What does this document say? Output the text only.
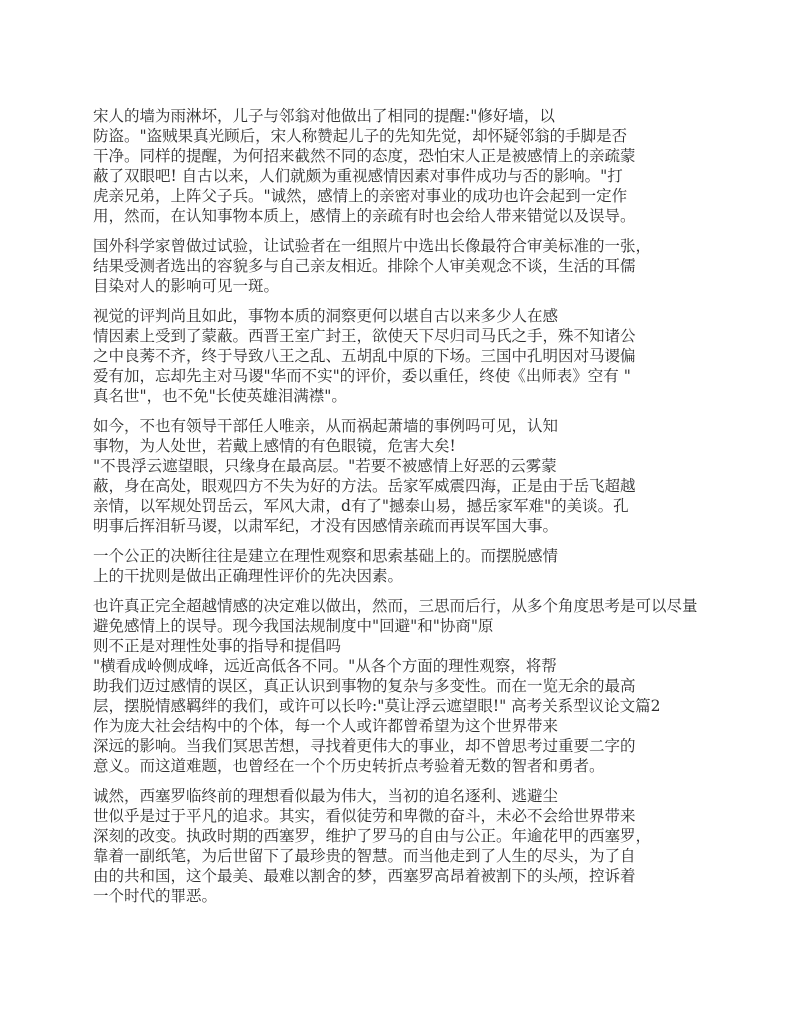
宋人的墙为雨淋坏，儿子与邻翁对他做出了相同的提醒:"修好墙，以
防盗。"盗贼果真光顾后，宋人称赞起儿子的先知先觉，却怀疑邻翁的手脚是否
干净。同样的提醒，为何招来截然不同的态度，恐怕宋人正是被感情上的亲疏蒙
蔽了双眼吧! 自古以来，人们就颇为重视感情因素对事件成功与否的影响。"打
虎亲兄弟，上阵父子兵。"诚然，感情上的亲密对事业的成功也许会起到一定作
用，然而，在认知事物本质上，感情上的亲疏有时也会给人带来错觉以及误导。
国外科学家曾做过试验，让试验者在一组照片中选出长像最符合审美标准的一张，
结果受测者选出的容貌多与自己亲友相近。排除个人审美观念不谈，生活的耳儒
目染对人的影响可见一斑。
视觉的评判尚且如此，事物本质的洞察更何以堪自古以来多少人在感
情因素上受到了蒙蔽。西晋王室广封王，欲使天下尽归司马氏之手，殊不知诸公
之中良莠不齐，终于导致八王之乱、五胡乱中原的下场。三国中孔明因对马谡偏
爱有加，忘却先主对马谡"华而不实"的评价，委以重任，终使《出师表》空有 "
真名世"，也不免"长使英雄泪满襟"。
如今，不也有领导干部任人唯亲，从而祸起萧墙的事例吗可见，认知
事物，为人处世，若戴上感情的有色眼镜，危害大矣!
"不畏浮云遮望眼，只缘身在最高层。"若要不被感情上好恶的云雾蒙
蔽，身在高处，眼观四方不失为好的方法。岳家军威震四海，正是由于岳飞超越
亲情，以军规处罚岳云，军风大肃，d有了"撼泰山易，撼岳家军难"的美谈。孔
明事后挥泪斩马谡，以肃军纪，才没有因感情亲疏而再误军国大事。
一个公正的决断往往是建立在理性观察和思索基础上的。而摆脱感情
上的干扰则是做出正确理性评价的先决因素。
也许真正完全超越情感的决定难以做出，然而，三思而后行，从多个角度思考是可以尽量
避免感情上的误导。现今我国法规制度中"回避"和"协商"原
则不正是对理性处事的指导和提倡吗
"横看成岭侧成峰，远近高低各不同。"从各个方面的理性观察，将帮
助我们迈过感情的误区，真正认识到事物的复杂与多变性。而在一览无余的最高
层，摆脱情感羁绊的我们，或许可以长吟:"莫让浮云遮望眼!" 高考关系型议论文篇2
作为庞大社会结构中的个体，每一个人或许都曾希望为这个世界带来
深远的影响。当我们冥思苦想，寻找着更伟大的事业，却不曾思考过重要二字的
意义。而这道难题，也曾经在一个个历史转折点考验着无数的智者和勇者。
诚然，西塞罗临终前的理想看似最为伟大，当初的追名逐利、逃避尘
世似乎是过于平凡的追求。其实，看似徒劳和卑微的奋斗，未必不会给世界带来
深刻的改变。执政时期的西塞罗，维护了罗马的自由与公正。年逾花甲的西塞罗，
靠着一副纸笔，为后世留下了最珍贵的智慧。而当他走到了人生的尽头，为了自
由的共和国，这个最美、最难以割舍的梦，西塞罗高昂着被割下的头颅，控诉着
一个时代的罪恶。
